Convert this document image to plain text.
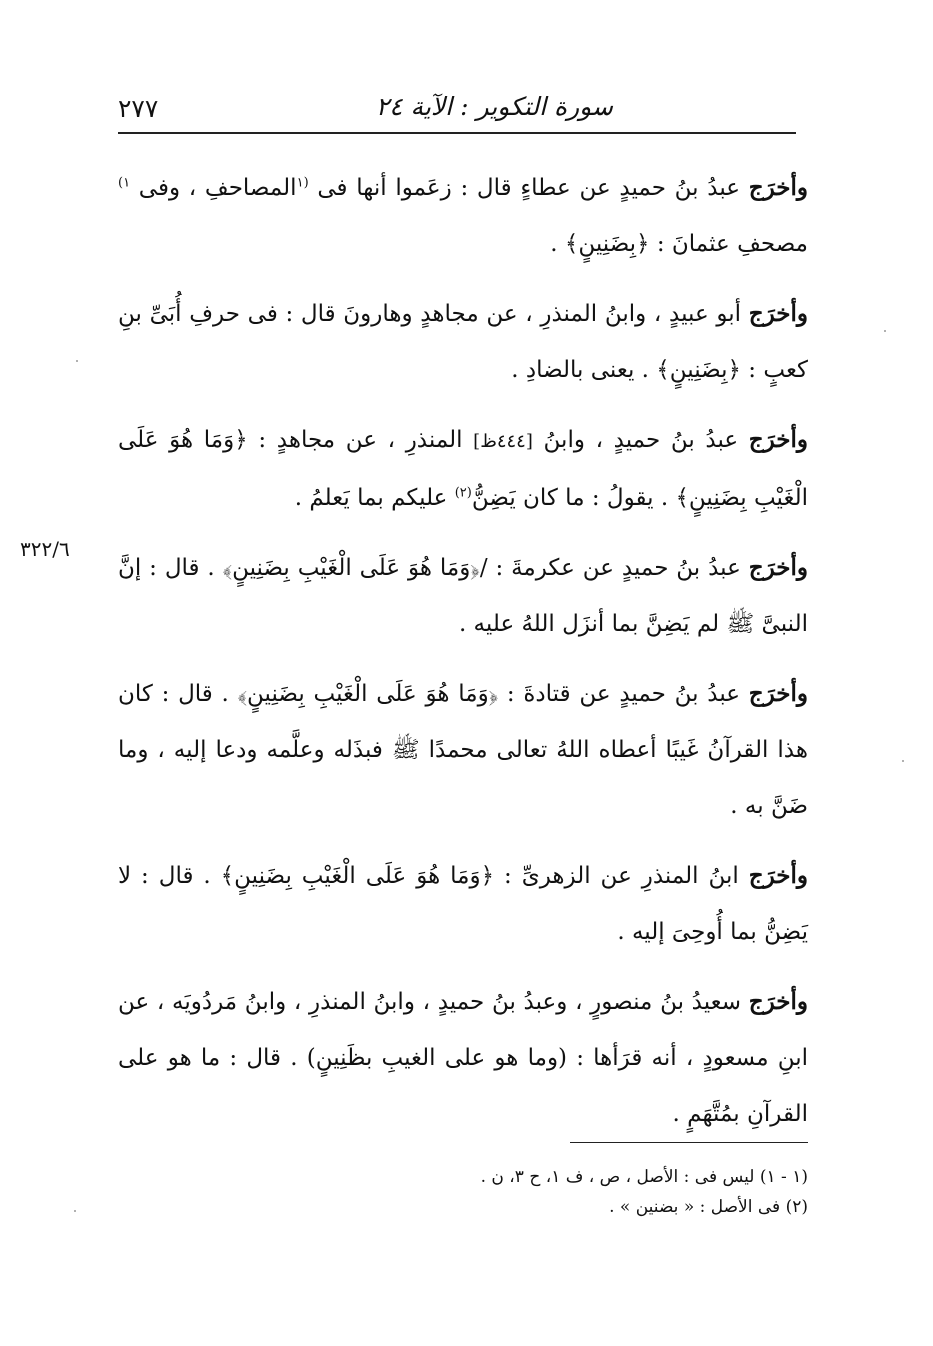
سورة التكوير : الآية ٢٤
٢٧٧
٣٢٢/٦

وأخرَج عبدُ بنُ حميدٍ عن عطاءٍ قال : زعَموا أنها فى $^{(١}$المصاحفِ ، وفى $^{١)}$ مصحفِ عثمانَ : ﴿بِضَنِينٍ﴾ .

وأخرَج أبو عبيدٍ ، وابنُ المنذرِ ، عن مجاهدٍ وهارونَ قال : فى حرفِ أُبَىِّ بنِ كعبٍ : ﴿بِضَنِينٍ﴾ . يعنى بالضادِ .

وأخرَج عبدُ بنُ حميدٍ ، وابنُ [٤٤٤ظ] المنذرِ ، عن مجاهدٍ : ﴿وَمَا هُوَ عَلَى الْغَيْبِ بِضَنِينٍ﴾ . يقولُ : ما كان يَضِنُّ$^{(٢)}$ عليكم بما يَعلمُ .

وأخرَج عبدُ بنُ حميدٍ عن عكرمةَ : /﴿وَمَا هُوَ عَلَى الْغَيْبِ بِضَنِينٍ﴾ . قال : إنَّ النبىَّ ﷺ لم يَضِنَّ بما أنزَل اللهُ عليه .

وأخرَج عبدُ بنُ حميدٍ عن قتادةَ : ﴿وَمَا هُوَ عَلَى الْغَيْبِ بِضَنِينٍ﴾ . قال : كان هذا القرآنُ غَيبًا أعطاه اللهُ تعالى محمدًا ﷺ فبذَله وعلَّمه ودعا إليه ، وما ضَنَّ به .

وأخرَج ابنُ المنذرِ عن الزهرىِّ : ﴿وَمَا هُوَ عَلَى الْغَيْبِ بِضَنِينٍ﴾ . قال : لا يَضِنُّ بما أُوحِىَ إليه .

وأخرَج سعيدُ بنُ منصورٍ ، وعبدُ بنُ حميدٍ ، وابنُ المنذرِ ، وابنُ مَردُويَه ، عن ابنِ مسعودٍ ، أنه قرَأها : (وما هو على الغيبِ بظَنِينٍ) . قال : ما هو على القرآنِ بمُتَّهَمٍ .

(١ - ١) ليس فى : الأصل ، ص ، ف ١، ح ٣، ن .

(٢) فى الأصل : « بضنين » .
